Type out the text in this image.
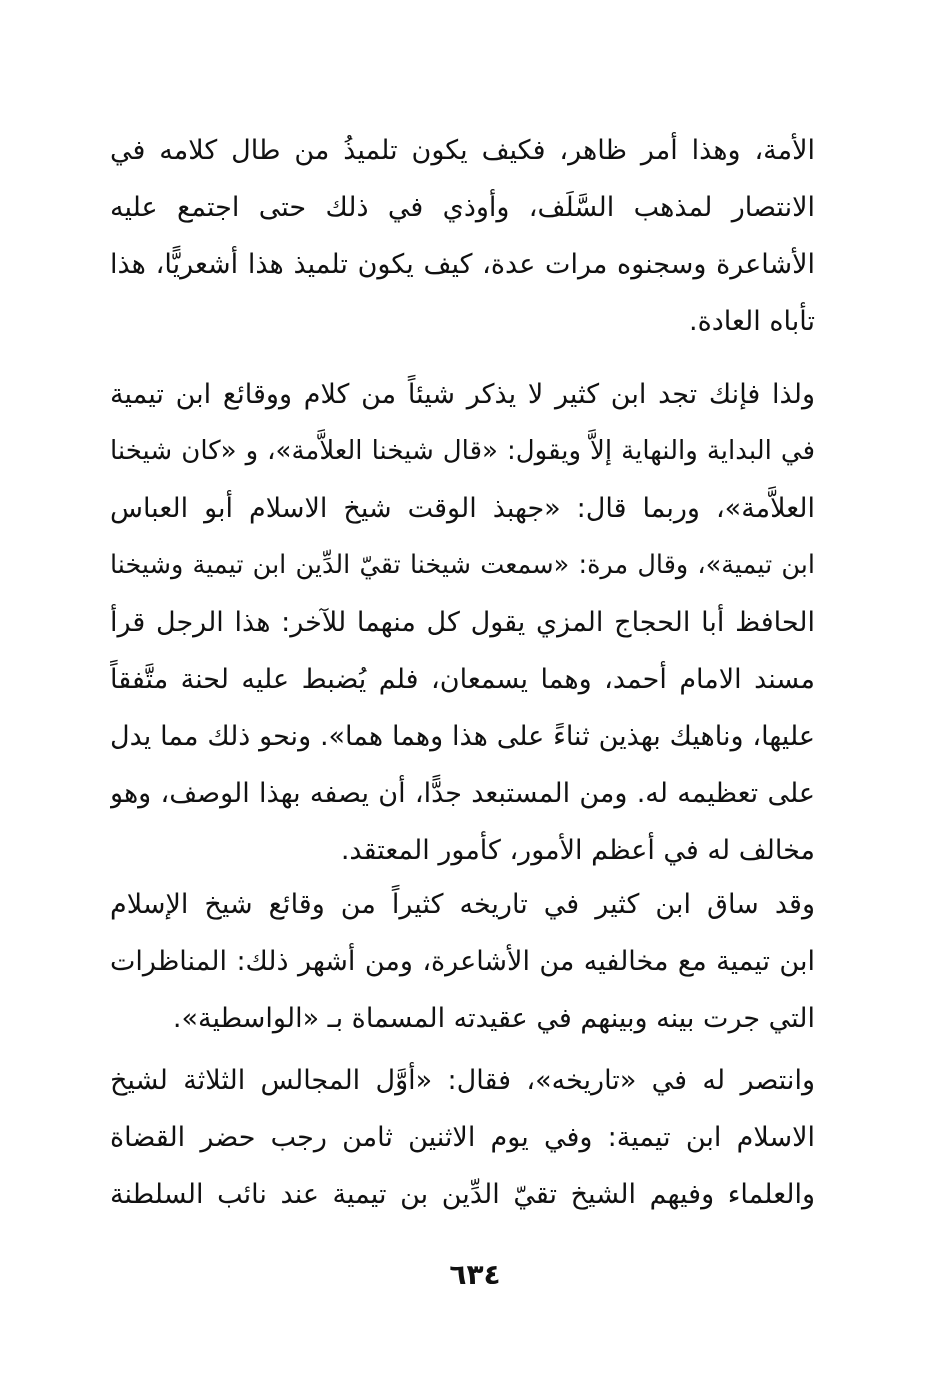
الأمة، وهذا أمر ظاهر، فكيف يكون تلميذُ من طال كلامه في
الانتصار لمذهب السَّلَف، وأوذي في ذلك حتى اجتمع عليه
الأشاعرة وسجنوه مرات عدة، كيف يكون تلميذ هذا أشعريًّا، هذا
تأباه العادة.
ولذا فإنك تجد ابن كثير لا يذكر شيئاً من كلام ووقائع ابن تيمية
في البداية والنهاية إلاَّ ويقول: «قال شيخنا العلاَّمة»، و «كان شيخنا
العلاَّمة»، وربما قال: «جهبذ الوقت شيخ الاسلام أبو العباس
ابن تيمية»، وقال مرة: «سمعت شيخنا تقيّ الدِّين ابن تيمية وشيخنا
الحافظ أبا الحجاج المزي يقول كل منهما للآخر: هذا الرجل قرأ
مسند الامام أحمد، وهما يسمعان، فلم يُضبط عليه لحنة متَّفقاً
عليها، وناهيك بهذين ثناءً على هذا وهما هما». ونحو ذلك مما يدل
على تعظيمه له. ومن المستبعد جدًّا، أن يصفه بهذا الوصف، وهو
مخالف له في أعظم الأمور، كأمور المعتقد.
وقد ساق ابن كثير في تاريخه كثيراً من وقائع شيخ الإسلام
ابن تيمية مع مخالفيه من الأشاعرة، ومن أشهر ذلك: المناظرات
التي جرت بينه وبينهم في عقيدته المسماة بـ «الواسطية».
وانتصر له في «تاريخه»، فقال: «أوَّل المجالس الثلاثة لشيخ
الاسلام ابن تيمية: وفي يوم الاثنين ثامن رجب حضر القضاة
والعلماء وفيهم الشيخ تقيّ الدِّين بن تيمية عند نائب السلطنة
٦٣٤
